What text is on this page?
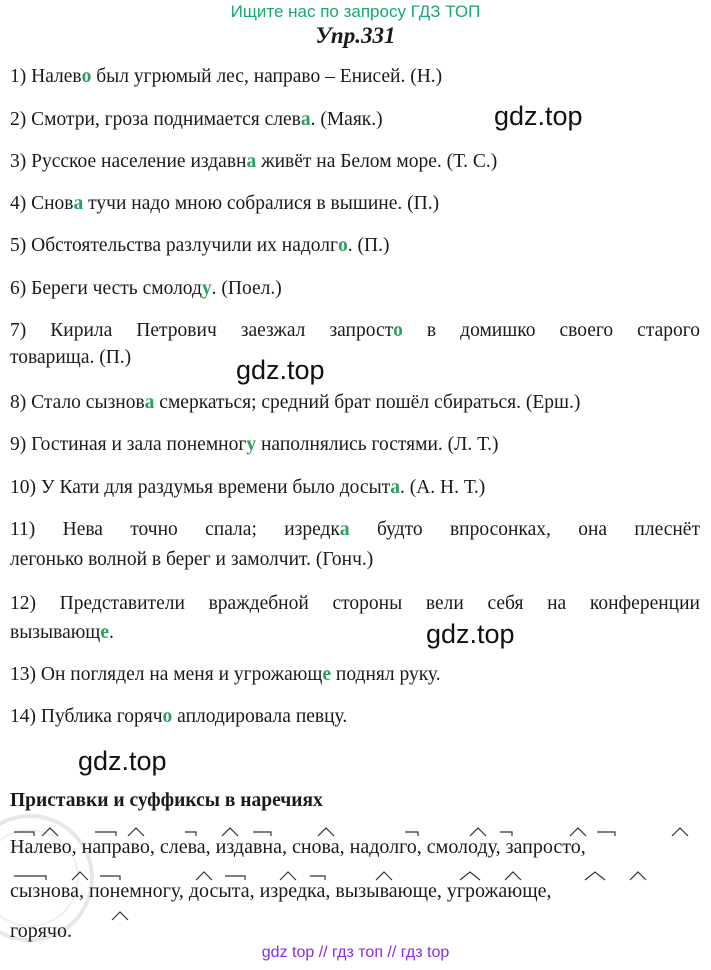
Ищите нас по запросу ГДЗ ТОП
Упр.331
1) Налево был угрюмый лес, направо – Енисей. (Н.)
2) Смотри, гроза поднимается слева. (Маяк.)
3) Русское население издавна живёт на Белом море. (Т. С.)
4) Снова тучи надо мною собралися в вышине. (П.)
5) Обстоятельства разлучили их надолго. (П.)
6) Береги честь смолоду. (Поел.)
7) Кирила Петрович заезжал запросто в домишко своего старого
товарища. (П.)
8) Стало сызнова смеркаться; средний брат пошёл сбираться. (Ерш.)
9) Гостиная и зала понемногу наполнялись гостями. (Л. Т.)
10) У Кати для раздумья времени было досыта. (А. Н. Т.)
11) Нева точно спала; изредка будто впросонках, она плеснёт
легонько волной в берег и замолчит. (Гонч.)
12) Представители враждебной стороны вели себя на конференции
вызывающе.
13) Он поглядел на меня и угрожающе поднял руку.
14) Публика горячо аплодировала певцу.
gdz.top
gdz.top
gdz.top
gdz.top
Приставки и суффиксы в наречиях
Налево, направо, слева, издавна, снова, надолго, смолоду, запросто,
сызнова, понемногу, досыта, изредка, вызывающе, угрожающе,
горячо.
gdz top // гдз топ // гдз top
